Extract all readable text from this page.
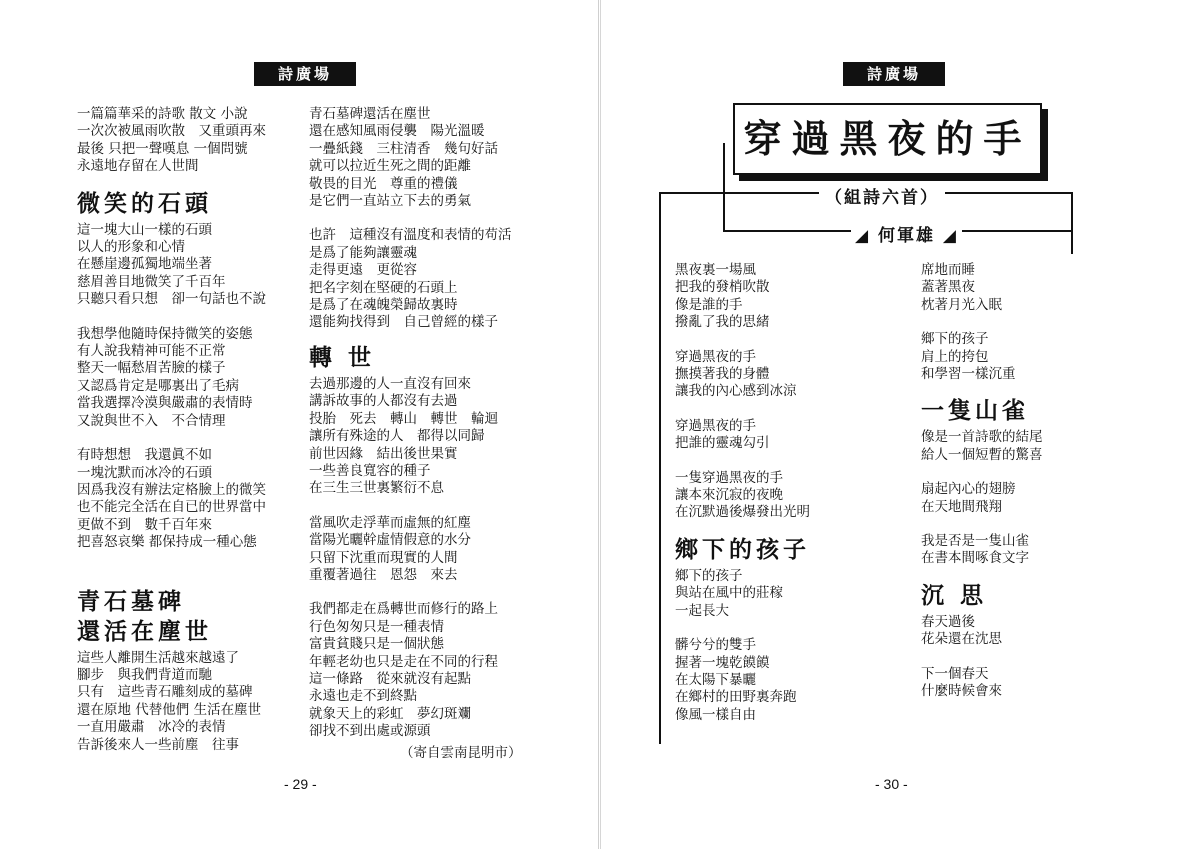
詩廣場
一篇篇華采的詩歌 散文 小說
一次次被風雨吹散　又重頭再來
最後 只把一聲嘆息 一個問號
永遠地存留在人世間
微笑的石頭
這一塊大山一樣的石頭
以人的形象和心情
在懸崖邊孤獨地端坐著
慈眉善目地微笑了千百年
只聽只看只想　卻一句話也不說
我想學他隨時保持微笑的姿態
有人說我精神可能不正常
整天一幅愁眉苦臉的樣子
又認爲肯定是哪裏出了毛病
當我選擇冷漠與嚴肅的表情時
又說與世不入　不合情理
有時想想　我還眞不如
一塊沈默而冰冷的石頭
因爲我沒有辦法定格臉上的微笑
也不能完全活在自已的世界當中
更做不到　數千百年來
把喜怒哀樂 都保持成一種心態
青石墓碑
還活在塵世
這些人離開生活越來越遠了
腳步　與我們背道而馳
只有　這些青石雕刻成的墓碑
還在原地 代替他們 生活在塵世
一直用嚴肅　冰冷的表情
告訴後來人一些前塵　往事
青石墓碑還活在塵世
還在感知風雨侵襲　陽光溫暖
一疊紙錢　三柱清香　幾句好話
就可以拉近生死之間的距離
敬畏的目光　尊重的禮儀
是它們一直站立下去的勇氣
也許　這種沒有溫度和表情的苟活
是爲了能夠讓靈魂
走得更遠　更從容
把名字刻在堅硬的石頭上
是爲了在魂魄榮歸故裏時
還能夠找得到　自己曾經的樣子
轉 世
去過那邊的人一直沒有回來
講訴故事的人都沒有去過
投胎　死去　轉山　轉世　輪迴
讓所有殊途的人　都得以同歸
前世因緣　結出後世果實
一些善良寬容的種子
在三生三世裏繁衍不息
當風吹走浮華而虛無的紅塵
當陽光曬幹虛情假意的水分
只留下沈重而現實的人間
重覆著過往　恩怨　來去
我們都走在爲轉世而修行的路上
行色匆匆只是一種表情
富貴貧賤只是一個狀態
年輕老幼也只是走在不同的行程
這一條路　從來就沒有起點
永遠也走不到終點
就象天上的彩虹　夢幻斑斕
卻找不到出處或源頭
（寄自雲南昆明市）
- 29 -
詩廣場
穿過黑夜的手
（組詩六首）
◢ 何軍雄 ◢
黑夜裏一場風
把我的發梢吹散
像是誰的手
撥亂了我的思緒
穿過黑夜的手
撫摸著我的身體
讓我的內心感到冰涼
穿過黑夜的手
把誰的靈魂勾引
一隻穿過黑夜的手
讓本來沉寂的夜晚
在沉默過後爆發出光明
鄉下的孩子
鄉下的孩子
與站在風中的莊稼
一起長大
髒兮兮的雙手
握著一塊乾饃饃
在太陽下暴曬
在鄉村的田野裏奔跑
像風一樣自由
席地而睡
蓋著黑夜
枕著月光入眠
鄉下的孩子
肩上的挎包
和學習一樣沉重
一隻山雀
像是一首詩歌的結尾
給人一個短暫的驚喜
扇起內心的翅膀
在天地間飛翔
我是否是一隻山雀
在書本間啄食文字
沉 思
春天過後
花朵還在沈思
下一個春天
什麼時候會來
- 30 -
